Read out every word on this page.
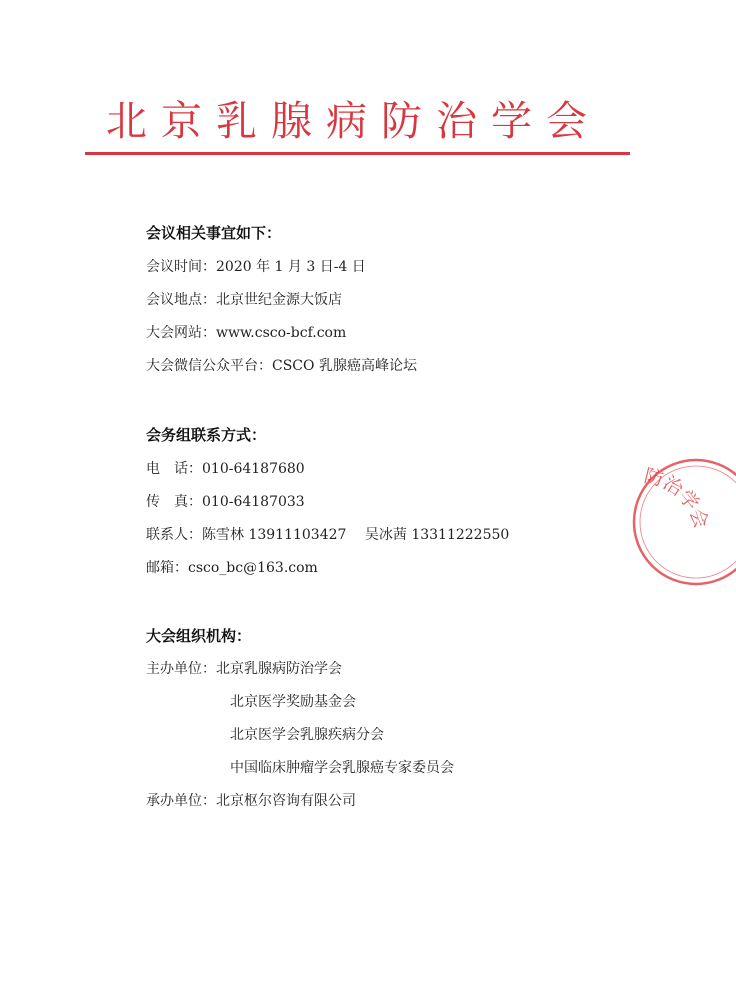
北京乳腺病防治学会
会议相关事宜如下：
会议时间：2020 年 1 月 3 日-4 日
会议地点：北京世纪金源大饭店
大会网站：www.csco-bcf.com
大会微信公众平台：CSCO 乳腺癌高峰论坛
会务组联系方式：
电　话：010-64187680
传　真：010-64187033
联系人：陈雪林 13911103427　 吴冰茜 13311222550
邮箱：csco_bc@163.com
大会组织机构：
主办单位：北京乳腺病防治学会
北京医学奖励基金会
北京医学会乳腺疾病分会
中国临床肿瘤学会乳腺癌专家委员会
承办单位：北京枢尔咨询有限公司
防治学会
